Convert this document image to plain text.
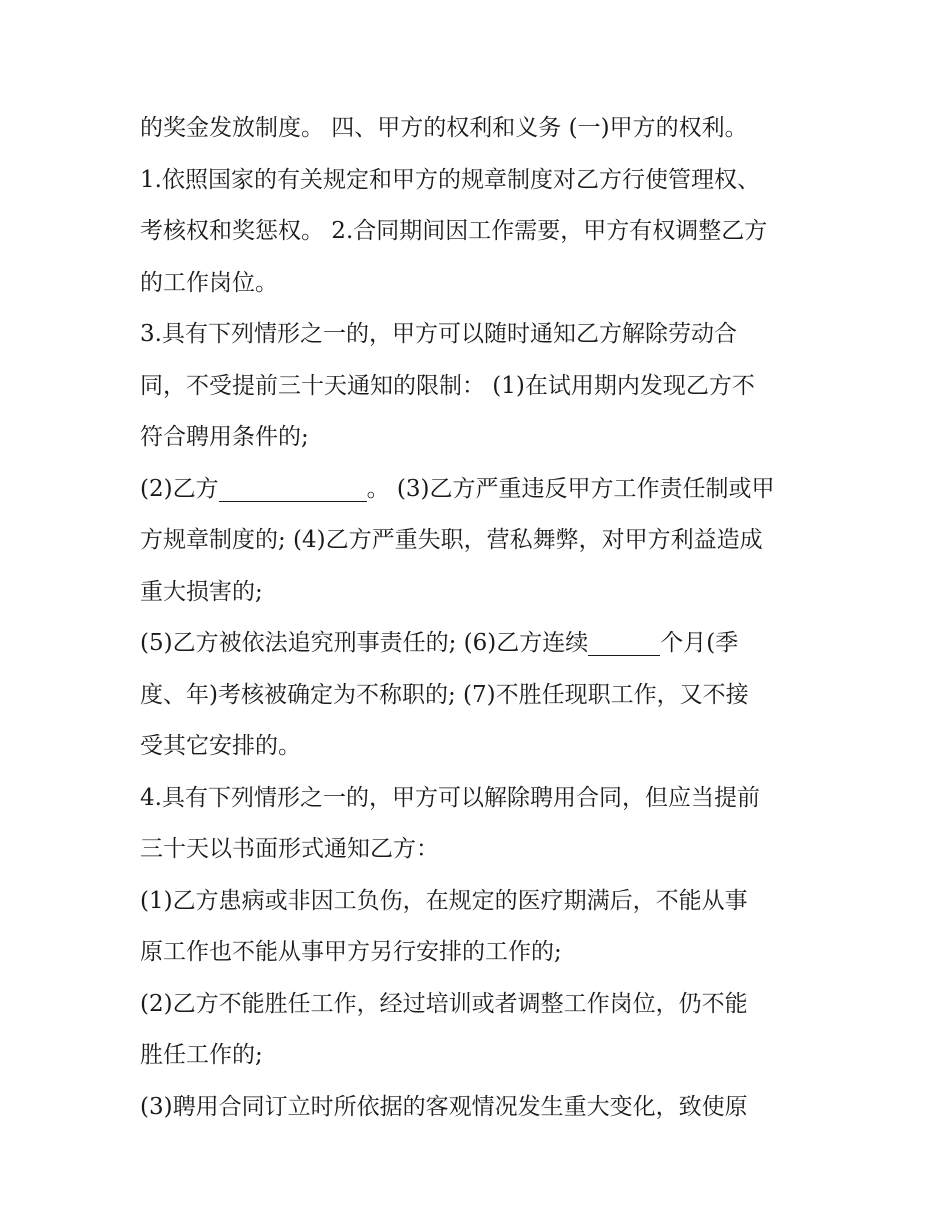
的奖金发放制度。 四、甲方的权利和义务 (一)甲方的权利。
1.依照国家的有关规定和甲方的规章制度对乙方行使管理权、
考核权和奖惩权。 2.合同期间因工作需要，甲方有权调整乙方
的工作岗位。
3.具有下列情形之一的，甲方可以随时通知乙方解除劳动合
同，不受提前三十天通知的限制： (1)在试用期内发现乙方不
符合聘用条件的;
(2)乙方	。 (3)乙方严重违反甲方工作责任制或甲
方规章制度的; (4)乙方严重失职，营私舞弊，对甲方利益造成
重大损害的;
(5)乙方被依法追究刑事责任的; (6)乙方连续	个月(季
度、年)考核被确定为不称职的; (7)不胜任现职工作，又不接
受其它安排的。
4.具有下列情形之一的，甲方可以解除聘用合同，但应当提前
三十天以书面形式通知乙方：
(1)乙方患病或非因工负伤，在规定的医疗期满后，不能从事
原工作也不能从事甲方另行安排的工作的;
(2)乙方不能胜任工作，经过培训或者调整工作岗位，仍不能
胜任工作的;
(3)聘用合同订立时所依据的客观情况发生重大变化，致使原
